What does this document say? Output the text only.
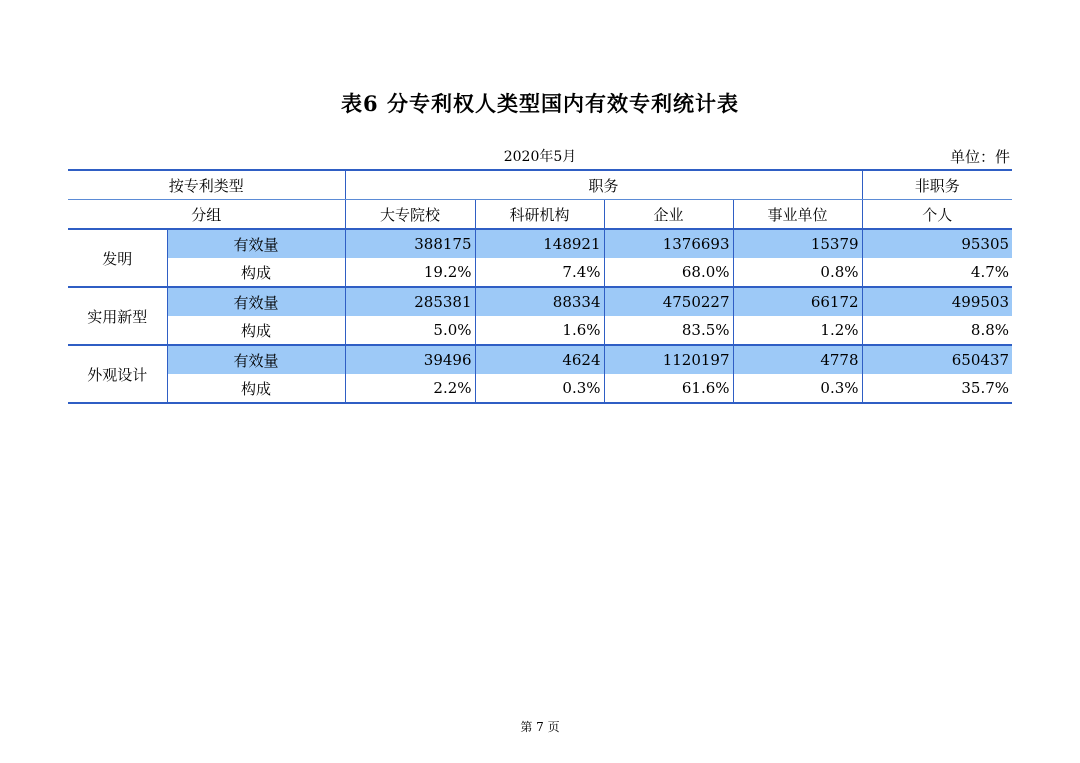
表6 分专利权人类型国内有效专利统计表
2020年5月	单位：件
按专利类型		职务				非职务
分组		大专院校	科研机构	企业	事业单位	个人
发明	有效量	388175	148921	1376693	15379	95305
	构成	19.2%	7.4%	68.0%	0.8%	4.7%
实用新型	有效量	285381	88334	4750227	66172	499503
	构成	5.0%	1.6%	83.5%	1.2%	8.8%
外观设计	有效量	39496	4624	1120197	4778	650437
	构成	2.2%	0.3%	61.6%	0.3%	35.7%
第 7 页
